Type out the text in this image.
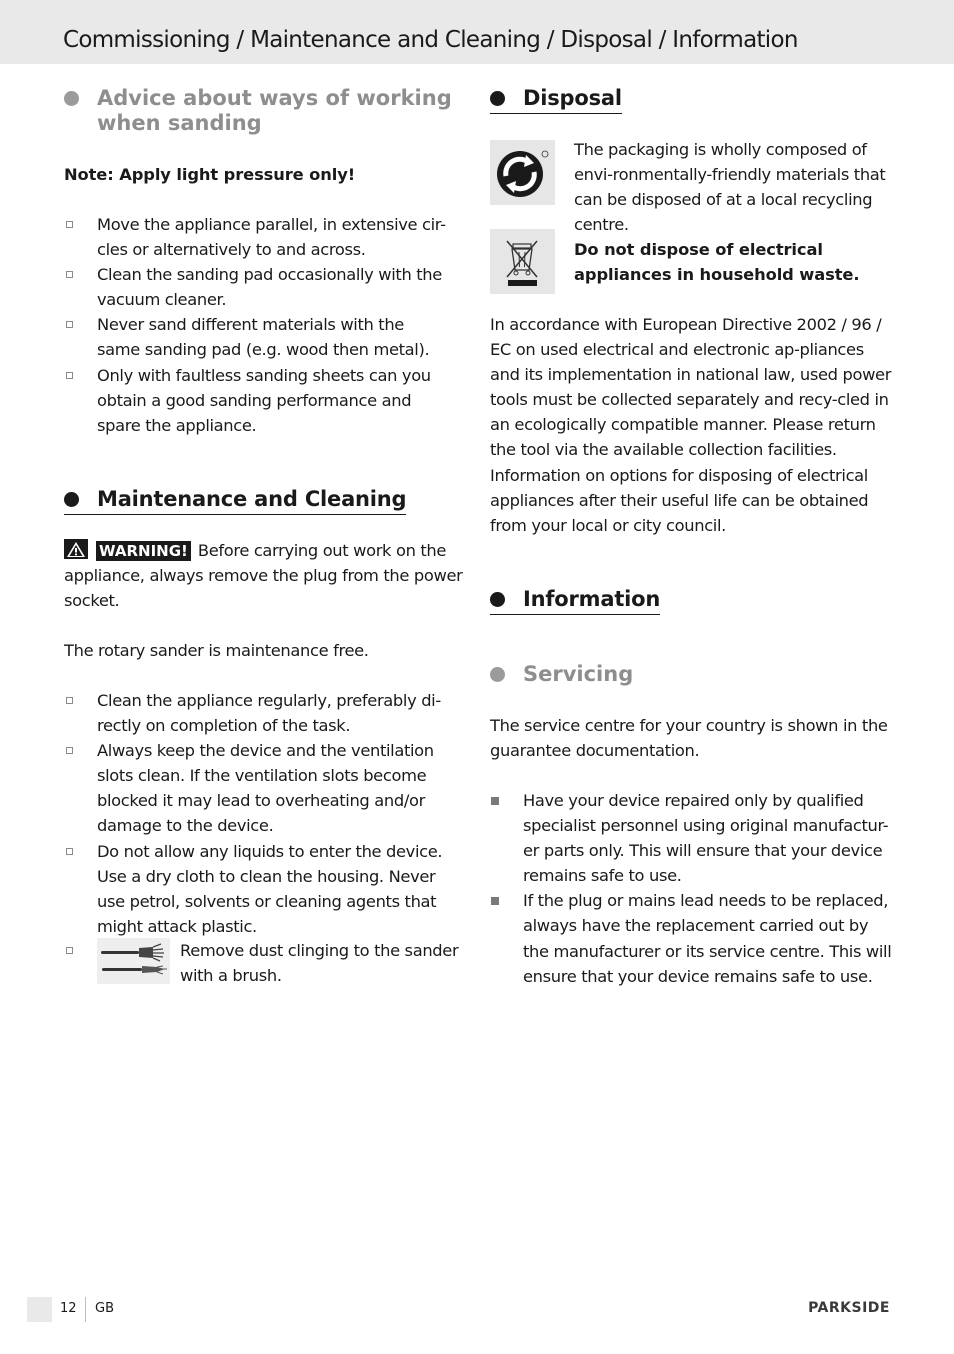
Commissioning / Maintenance and Cleaning / Disposal / Information
Advice about ways of working when sanding
Note: Apply light pressure only!
Move the appliance parallel, in extensive cir-cles or alternatively to and across.
Clean the sanding pad occasionally with the vacuum cleaner.
Never sand different materials with the same sanding pad (e.g. wood then metal).
Only with faultless sanding sheets can you obtain a good sanding performance and spare the appliance.
Maintenance and Cleaning
WARNING! Before carrying out work on the appliance, always remove the plug from the power socket.
The rotary sander is maintenance free.
Clean the appliance regularly, preferably di-rectly on completion of the task.
Always keep the device and the ventilation slots clean. If the ventilation slots become blocked it may lead to overheating and/or damage to the device.
Do not allow any liquids to enter the device. Use a dry cloth to clean the housing. Never use petrol, solvents or cleaning agents that might attack plastic.
Remove dust clinging to the sander with a brush.
Disposal
The packaging is wholly composed of envi-ronmentally-friendly materials that can be disposed of at a local recycling centre.
Do not dispose of electrical appliances in household waste.
In accordance with European Directive 2002 / 96 / EC on used electrical and electronic ap-pliances and its implementation in national law, used power tools must be collected separately and recy-cled in an ecologically compatible manner. Please return the tool via the available collection facilities. Information on options for disposing of electrical appliances after their useful life can be obtained from your local or city council.
Information
Servicing
The service centre for your country is shown in the guarantee documentation.
Have your device repaired only by qualified specialist personnel using original manufactur-er parts only. This will ensure that your device remains safe to use.
If the plug or mains lead needs to be replaced, always have the replacement carried out by the manufacturer or its service centre. This will ensure that your device remains safe to use.
12 GB	PARKSIDE
